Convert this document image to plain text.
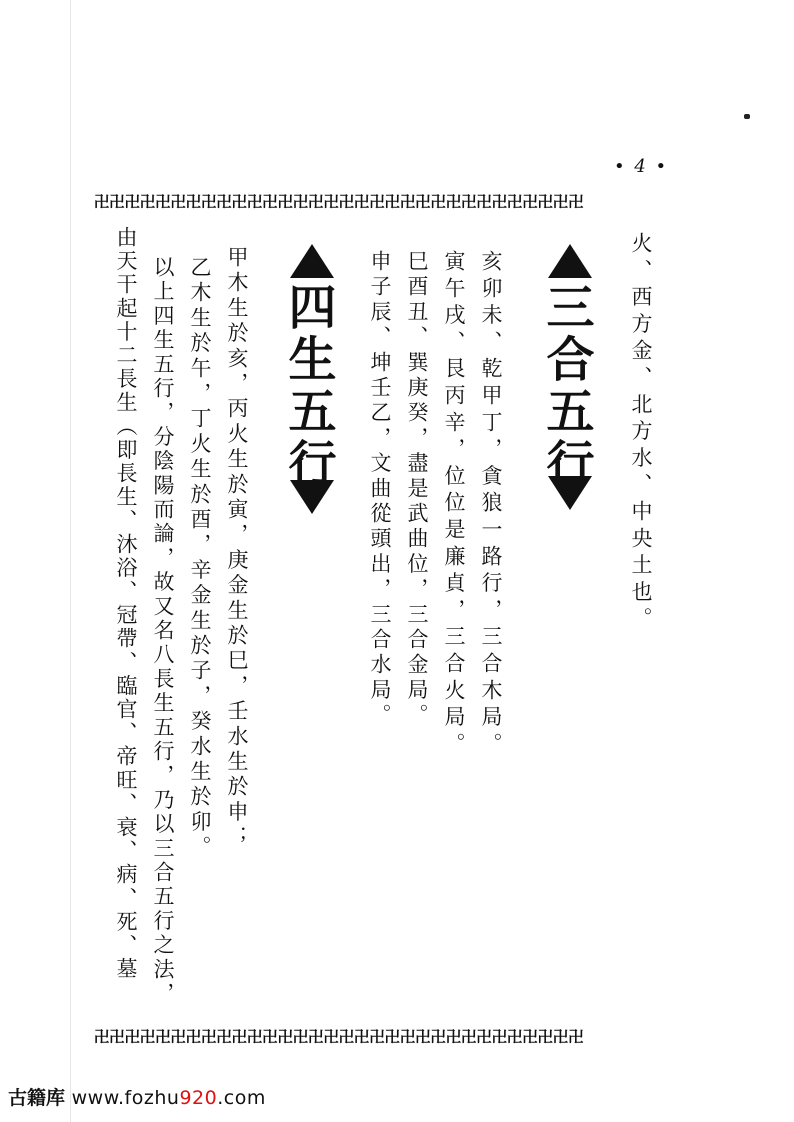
• 4 •
卍卍卍卍卍卍卍卍卍卍卍卍卍卍卍卍卍卍卍卍卍卍卍卍卍卍卍卍卍卍卍卍
火、西方金、北方水、中央土也。
三合五行
亥卯未、乾甲丁，貪狼一路行，三合木局。
寅午戌、艮丙辛，位位是廉貞，三合火局。
巳酉丑、巽庚癸，盡是武曲位，三合金局。
申子辰、坤壬乙，文曲從頭出，三合水局。
四生五行
甲木生於亥，丙火生於寅，庚金生於巳，壬水生於申；
乙木生於午，丁火生於酉，辛金生於子，癸水生於卯。
以上四生五行，分陰陽而論，故又名八長生五行，乃以三合五行之法，
由天干起十二長生（即長生、沐浴、冠帶、臨官、帝旺、衰、病、死、墓
卍卍卍卍卍卍卍卍卍卍卍卍卍卍卍卍卍卍卍卍卍卍卍卍卍卍卍卍卍卍卍卍
古籍库 www.fozhu920.com
